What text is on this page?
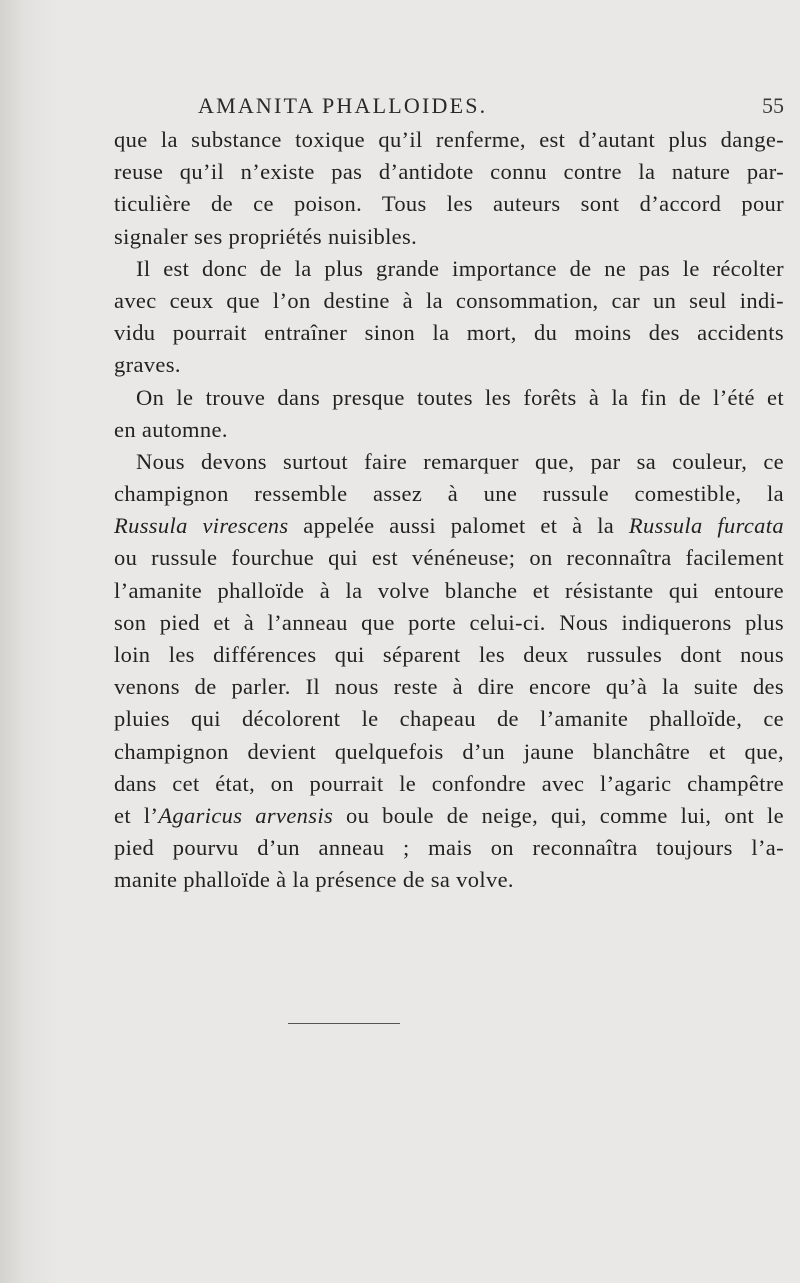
AMANITA PHALLOIDES.	55
que la substance toxique qu’il renferme, est d’autant plus dange-
reuse qu’il n’existe pas d’antidote connu contre la nature par-
ticulière de ce poison. Tous les auteurs sont d’accord pour
signaler ses propriétés nuisibles.
Il est donc de la plus grande importance de ne pas le récolter
avec ceux que l’on destine à la consommation, car un seul indi-
vidu pourrait entraîner sinon la mort, du moins des accidents
graves.
On le trouve dans presque toutes les forêts à la fin de l’été et
en automne.
Nous devons surtout faire remarquer que, par sa couleur, ce
champignon ressemble assez à une russule comestible, la
Russula virescens appelée aussi palomet et à la Russula furcata
ou russule fourchue qui est vénéneuse; on reconnaîtra facilement
l’amanite phalloïde à la volve blanche et résistante qui entoure
son pied et à l’anneau que porte celui-ci. Nous indiquerons plus
loin les différences qui séparent les deux russules dont nous
venons de parler. Il nous reste à dire encore qu’à la suite des
pluies qui décolorent le chapeau de l’amanite phalloïde, ce
champignon devient quelquefois d’un jaune blanchâtre et que,
dans cet état, on pourrait le confondre avec l’agaric champêtre
et l’Agaricus arvensis ou boule de neige, qui, comme lui, ont le
pied pourvu d’un anneau ; mais on reconnaîtra toujours l’a-
manite phalloïde à la présence de sa volve.
